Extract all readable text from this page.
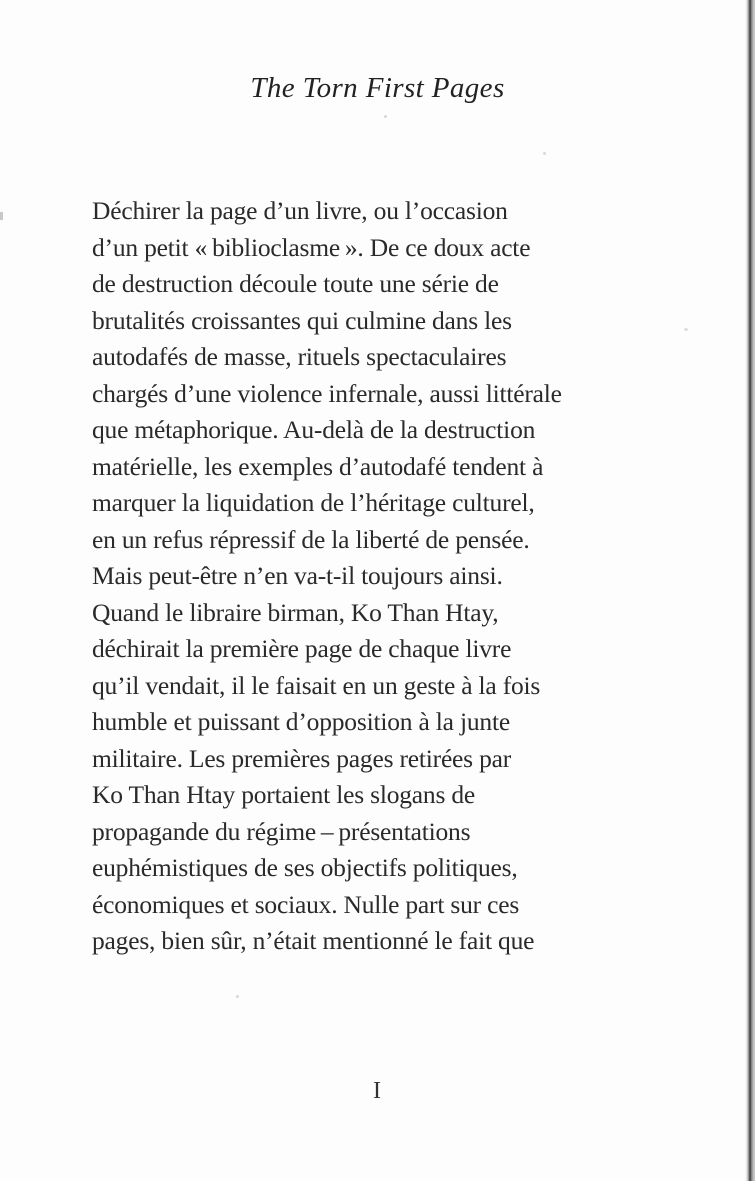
The Torn First Pages
Déchirer la page d’un livre, ou l’occasion
d’un petit « biblioclasme ». De ce doux acte
de destruction découle toute une série de
brutalités croissantes qui culmine dans les
autodafés de masse, rituels spectaculaires
chargés d’une violence infernale, aussi littérale
que métaphorique. Au-delà de la destruction
matérielle, les exemples d’autodafé tendent à
marquer la liquidation de l’héritage culturel,
en un refus répressif de la liberté de pensée.
Mais peut-être n’en va-t-il toujours ainsi.
Quand le libraire birman, Ko Than Htay,
déchirait la première page de chaque livre
qu’il vendait, il le faisait en un geste à la fois
humble et puissant d’opposition à la junte
militaire. Les premières pages retirées par
Ko Than Htay portaient les slogans de
propagande du régime – présentations
euphémistiques de ses objectifs politiques,
économiques et sociaux. Nulle part sur ces
pages, bien sûr, n’était mentionné le fait que
I
